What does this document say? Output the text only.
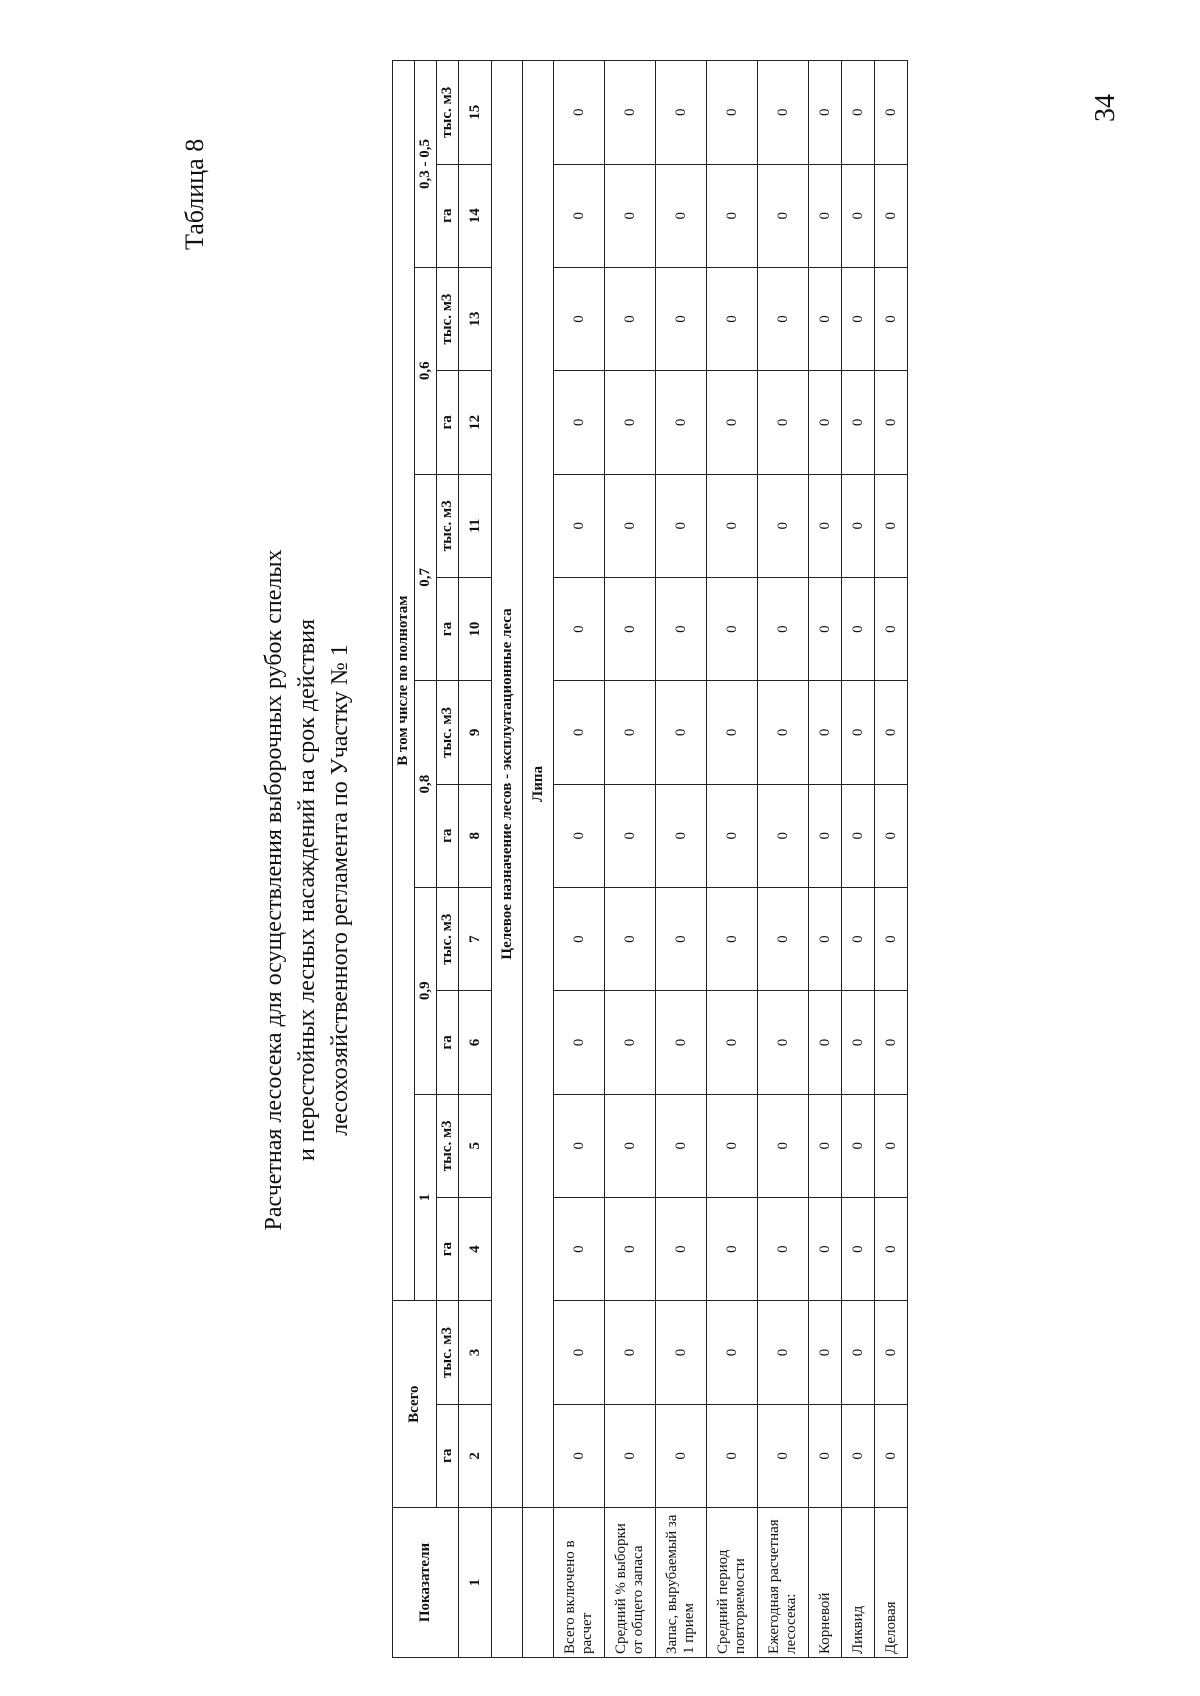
34
Таблица 8
Расчетная лесосека для осуществления выборочных рубок спелых и перестойных лесных насаждений на срок действия лесохозяйственного регламента по Участку № 1
Показатели	Всего		В том числе по полнотам											
			1		0,9		0,8		0,7		0,6		0,3 - 0,5	
	га	тыс. м3	га	тыс. м3	га	тыс. м3	га	тыс. м3	га	тыс. м3	га	тыс. м3	га	тыс. м3
1	2	3	4	5	6	7	8	9	10	11	12	13	14	15
	Целевое назначение лесов - эксплуатационные леса													
	Липа													
Всего включено в расчет	0	0	0	0	0	0	0	0	0	0	0	0	0	0
Средний % выборки от общего запаса	0	0	0	0	0	0	0	0	0	0	0	0	0	0
Запас, вырубаемый за 1 прием	0	0	0	0	0	0	0	0	0	0	0	0	0	0
Средний период повторяемости	0	0	0	0	0	0	0	0	0	0	0	0	0	0
Ежегодная расчетная лесосека:	0	0	0	0	0	0	0	0	0	0	0	0	0	0
Корневой	0	0	0	0	0	0	0	0	0	0	0	0	0	0
Ликвид	0	0	0	0	0	0	0	0	0	0	0	0	0	0
Деловая	0	0	0	0	0	0	0	0	0	0	0	0	0	0
